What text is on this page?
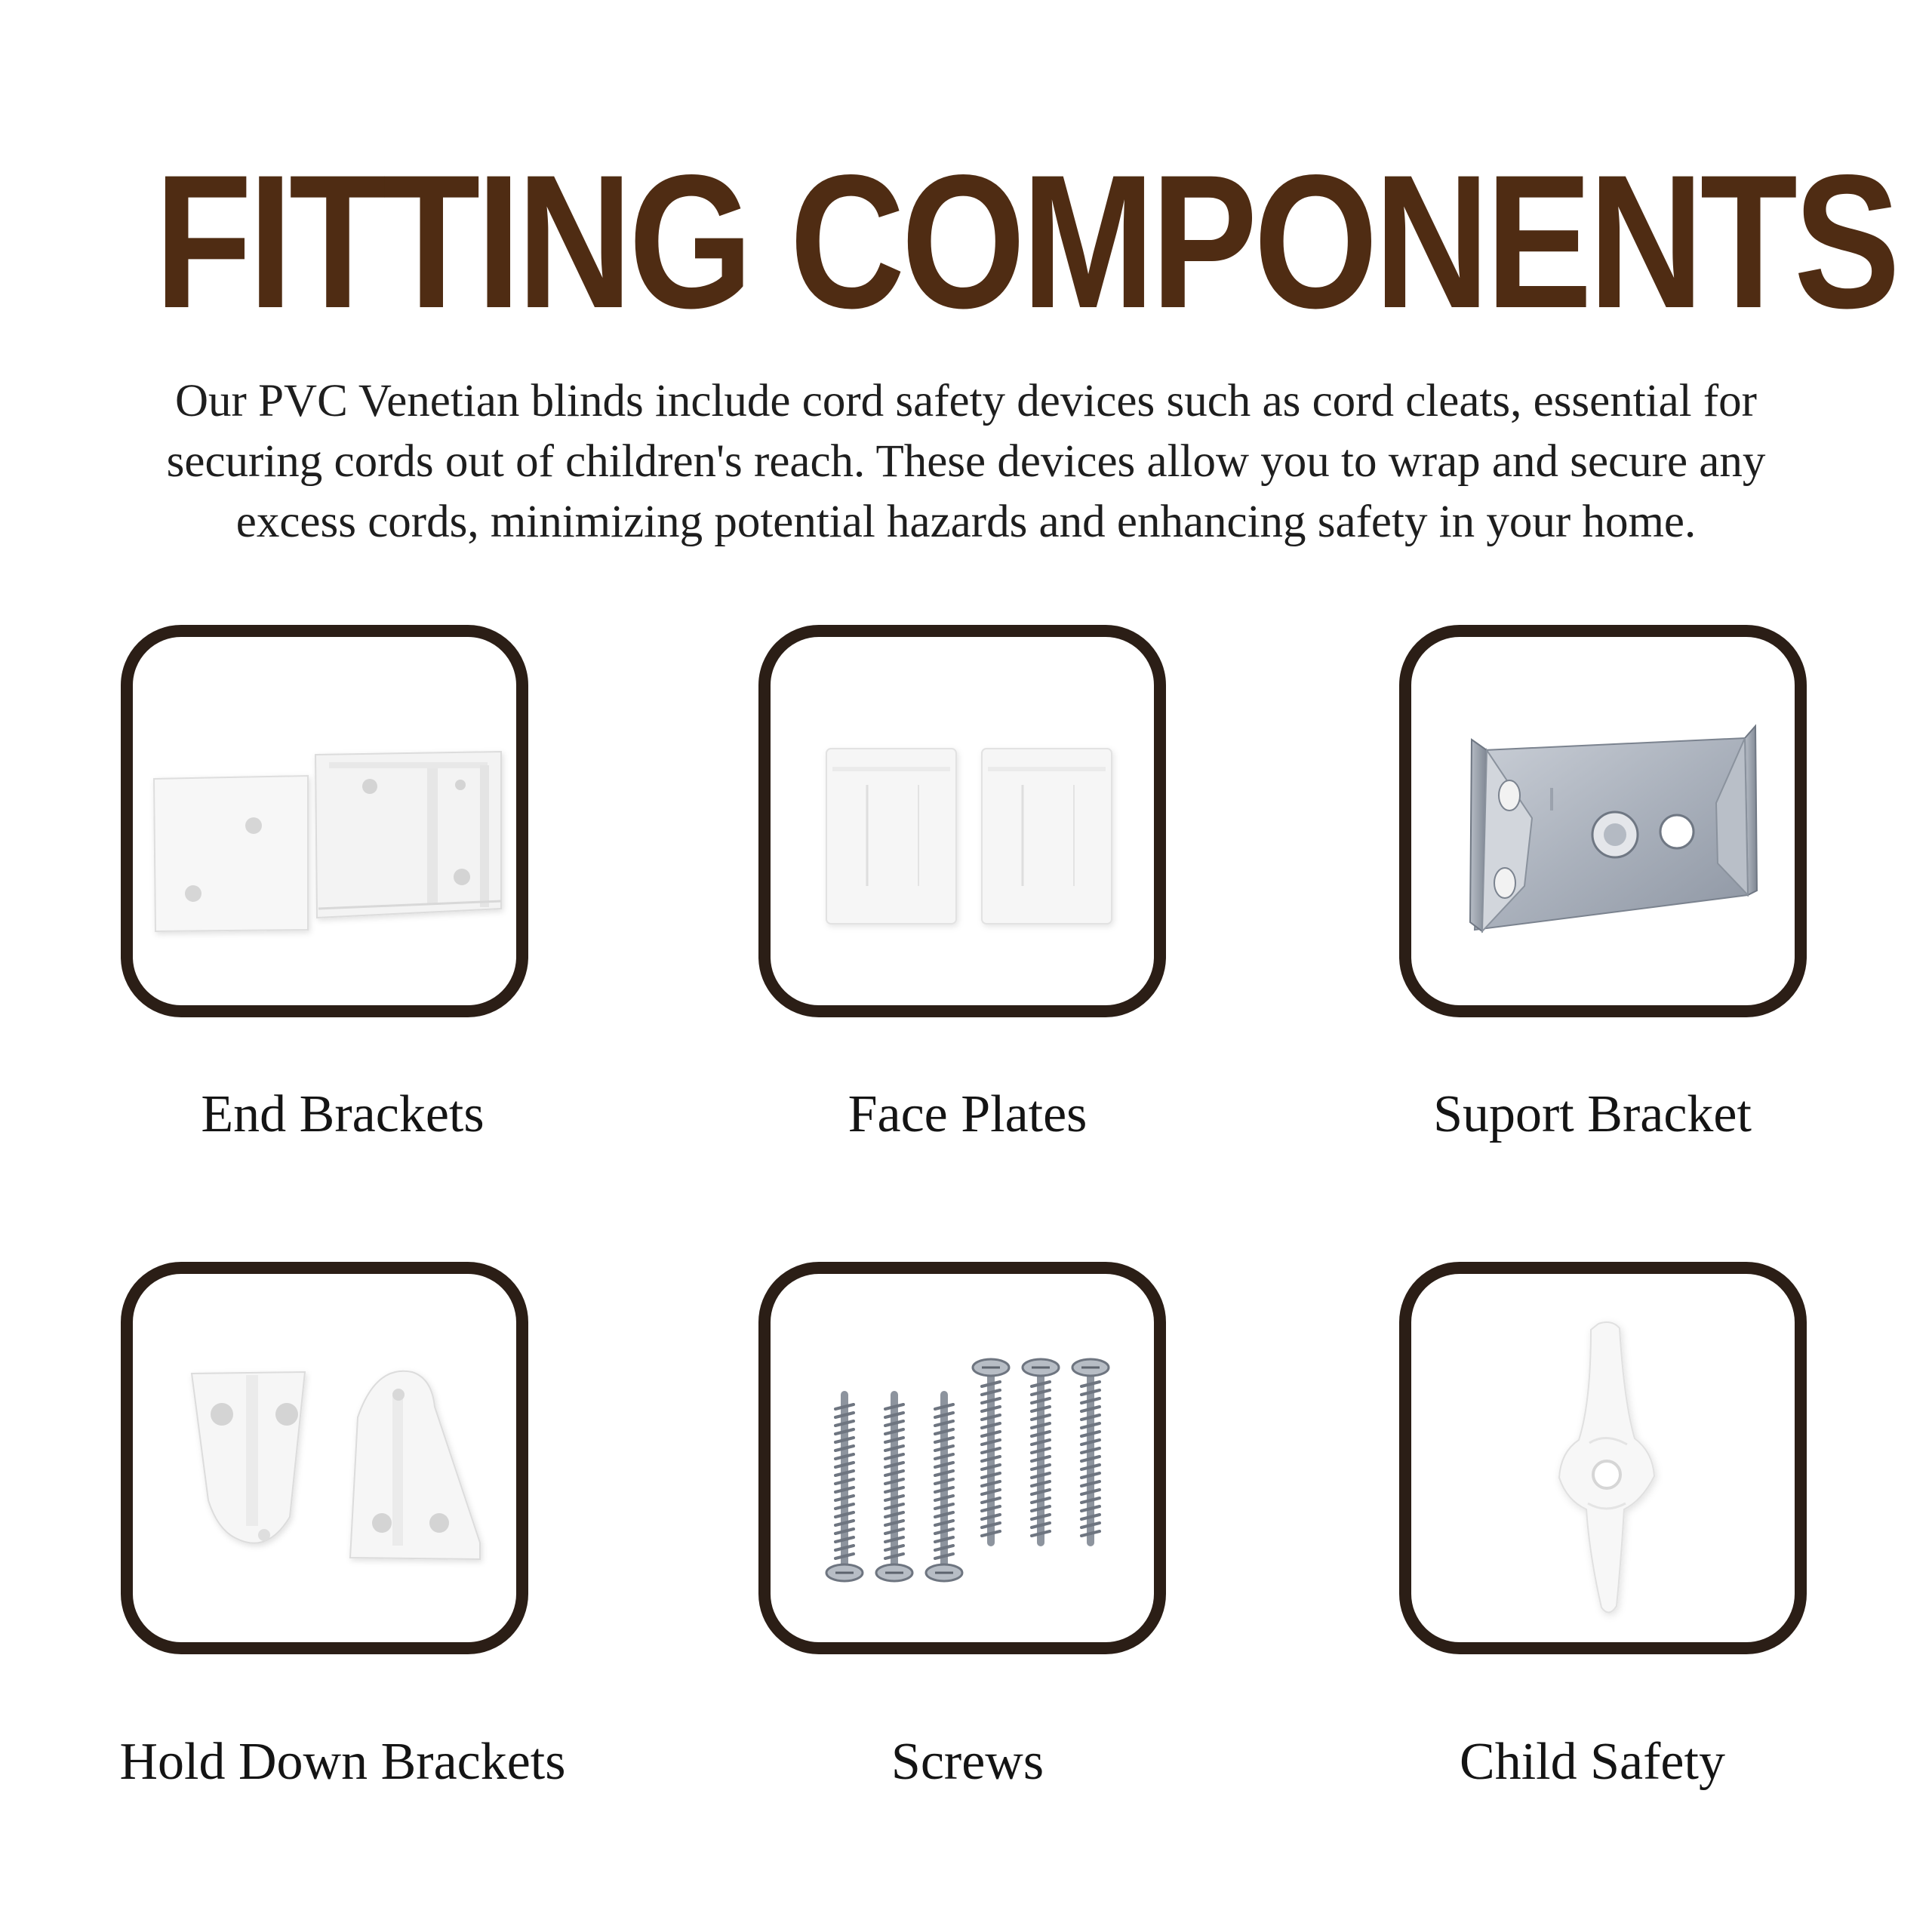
FITTING COMPONENTS
Our PVC Venetian blinds include cord safety devices such as cord cleats, essential for
securing cords out of children's reach. These devices allow you to wrap and secure any
excess cords, minimizing potential hazards and enhancing safety in your home.
End Brackets	Face Plates	Suport Bracket
Hold Down Brackets	Screws	Child Safety
